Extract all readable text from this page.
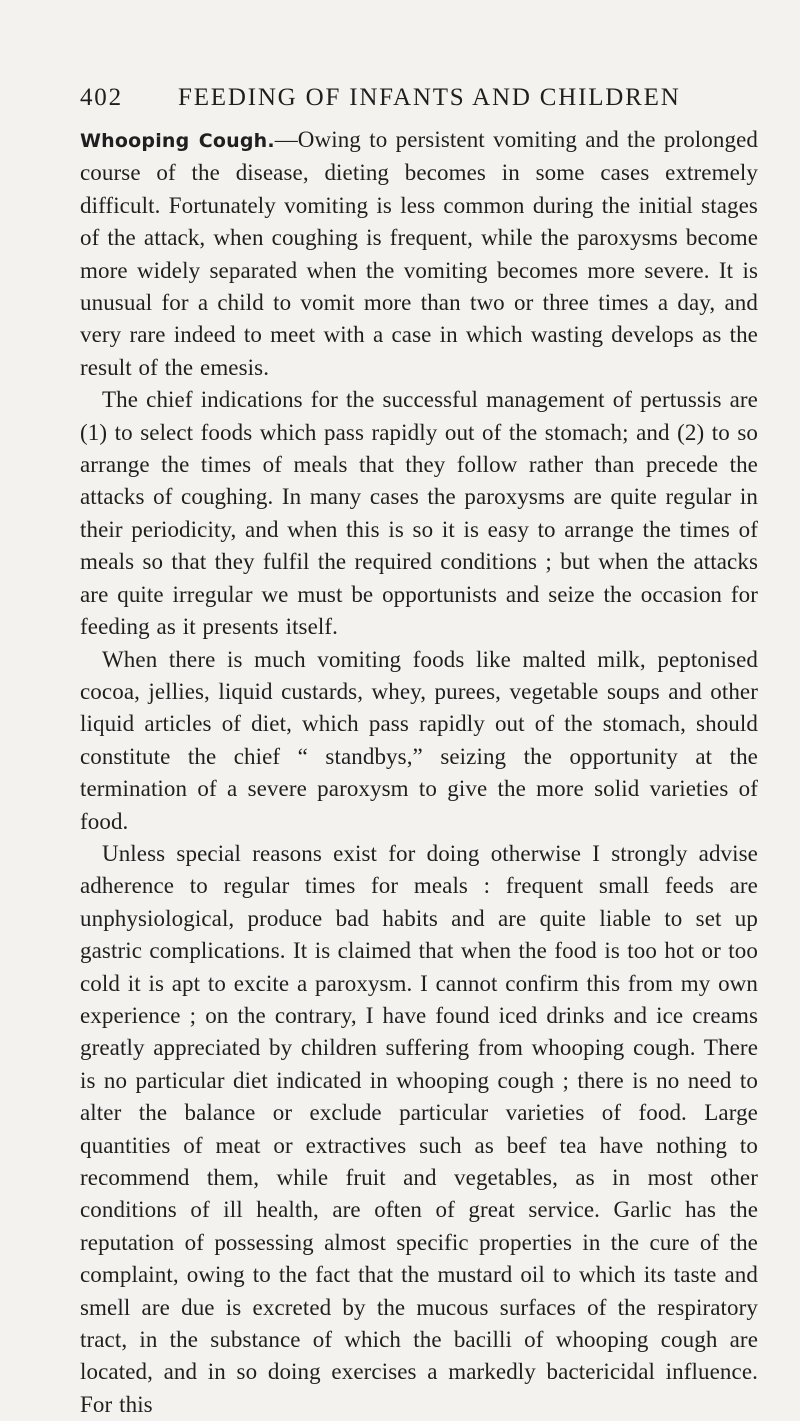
402	FEEDING OF INFANTS AND CHILDREN

Whooping Cough.—Owing to persistent vomiting and the prolonged course of the disease, dieting becomes in some cases extremely difficult. Fortunately vomiting is less common during the initial stages of the attack, when coughing is frequent, while the paroxysms become more widely separated when the vomiting becomes more severe. It is unusual for a child to vomit more than two or three times a day, and very rare indeed to meet with a case in which wasting develops as the result of the emesis.

The chief indications for the successful management of pertussis are (1) to select foods which pass rapidly out of the stomach; and (2) to so arrange the times of meals that they follow rather than precede the attacks of coughing. In many cases the paroxysms are quite regular in their periodicity, and when this is so it is easy to arrange the times of meals so that they fulfil the required conditions ; but when the attacks are quite irregular we must be opportunists and seize the occasion for feeding as it presents itself.

When there is much vomiting foods like malted milk, peptonised cocoa, jellies, liquid custards, whey, purees, vegetable soups and other liquid articles of diet, which pass rapidly out of the stomach, should constitute the chief “ standbys,” seizing the opportunity at the termination of a severe paroxysm to give the more solid varieties of food.

Unless special reasons exist for doing otherwise I strongly advise adherence to regular times for meals : frequent small feeds are unphysiological, produce bad habits and are quite liable to set up gastric complications. It is claimed that when the food is too hot or too cold it is apt to excite a paroxysm. I cannot confirm this from my own experience ; on the contrary, I have found iced drinks and ice creams greatly appreciated by children suffering from whooping cough. There is no particular diet indicated in whooping cough ; there is no need to alter the balance or exclude particular varieties of food. Large quantities of meat or extractives such as beef tea have nothing to recommend them, while fruit and vegetables, as in most other conditions of ill health, are often of great service. Garlic has the reputation of possessing almost specific properties in the cure of the complaint, owing to the fact that the mustard oil to which its taste and smell are due is excreted by the mucous surfaces of the respiratory tract, in the substance of which the bacilli of whooping cough are located, and in so doing exercises a markedly bactericidal influence. For this
